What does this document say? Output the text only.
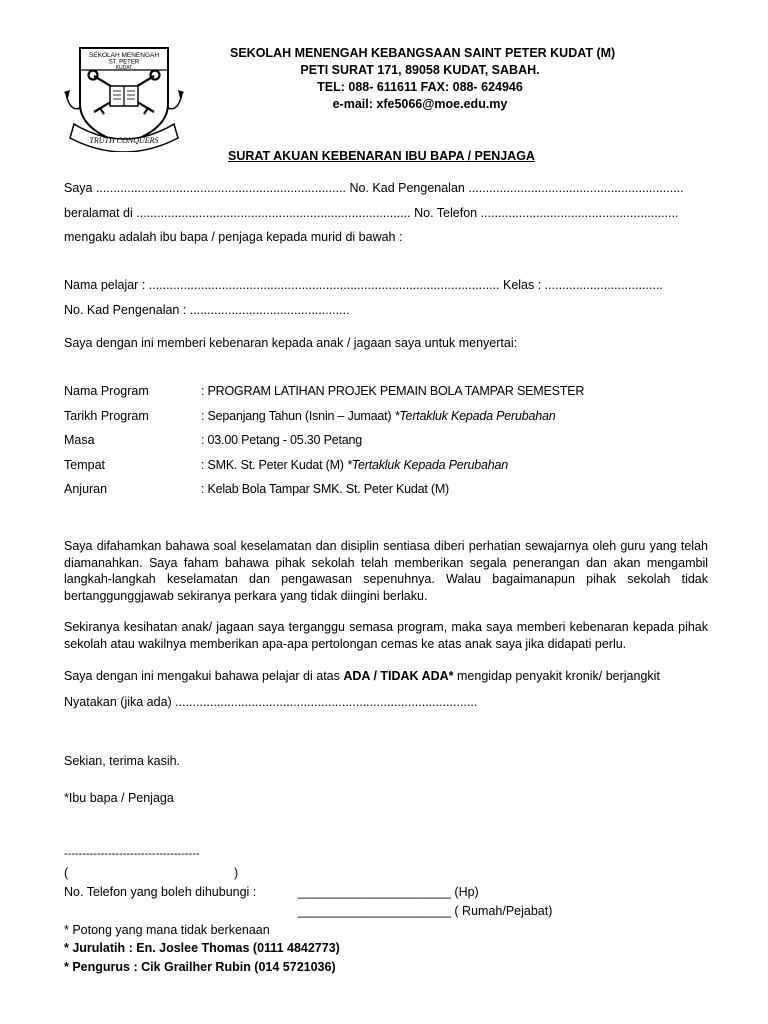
SEKOLAH MENENGAH
ST. PETER
KUDAT
TRUTH CONQUERS
SEKOLAH MENENGAH KEBANGSAAN SAINT PETER KUDAT (M)
PETI SURAT 171, 89058 KUDAT, SABAH.
TEL: 088- 611611 FAX: 088- 624946
e-mail: xfe5066@moe.edu.my
SURAT AKUAN KEBENARAN IBU BAPA / PENJAGA
Saya ........................................................................ No. Kad Pengenalan ..............................................................
beralamat di ............................................................................... No. Telefon .........................................................
mengaku adalah ibu bapa / penjaga kepada murid di bawah :
Nama pelajar : ..................................................................................................... Kelas : ..................................
No. Kad Pengenalan : ..............................................
Saya dengan ini memberi kebenaran kepada anak / jagaan saya untuk menyertai:
Nama Program	: PROGRAM LATIHAN PROJEK PEMAIN BOLA TAMPAR SEMESTER
Tarikh Program	: Sepanjang Tahun (Isnin – Jumaat) *Tertakluk Kepada Perubahan
Masa	: 03.00 Petang - 05.30 Petang
Tempat	: SMK. St. Peter Kudat (M) *Tertakluk Kepada Perubahan
Anjuran	: Kelab Bola Tampar SMK. St. Peter Kudat (M)

Saya difahamkan bahawa soal keselamatan dan disiplin sentiasa diberi perhatian sewajarnya oleh guru yang telah diamanahkan. Saya faham bahawa pihak sekolah telah memberikan segala penerangan dan akan mengambil langkah-langkah keselamatan dan pengawasan sepenuhnya. Walau bagaimanapun pihak sekolah tidak bertanggunggjawab sekiranya perkara yang tidak diingini berlaku.

Sekiranya kesihatan anak/ jagaan saya terganggu semasa program, maka saya memberi kebenaran kepada pihak sekolah atau wakilnya memberikan apa-apa pertolongan cemas ke atas anak saya jika didapati perlu.

Saya dengan ini mengakui bahawa pelajar di atas ADA / TIDAK ADA* mengidap penyakit kronik/ berjangkit
Nyatakan (jika ada) .......................................................................................
Sekian, terima kasih.
*Ibu bapa / Penjaga
-------------------------------------
(	)
No. Telefon yang boleh dihubungi :	______________________ (Hp)
______________________ ( Rumah/Pejabat)
* Potong yang mana tidak berkenaan
* Jurulatih : En. Joslee Thomas (0111 4842773)
* Pengurus : Cik Grailher Rubin (014 5721036)
